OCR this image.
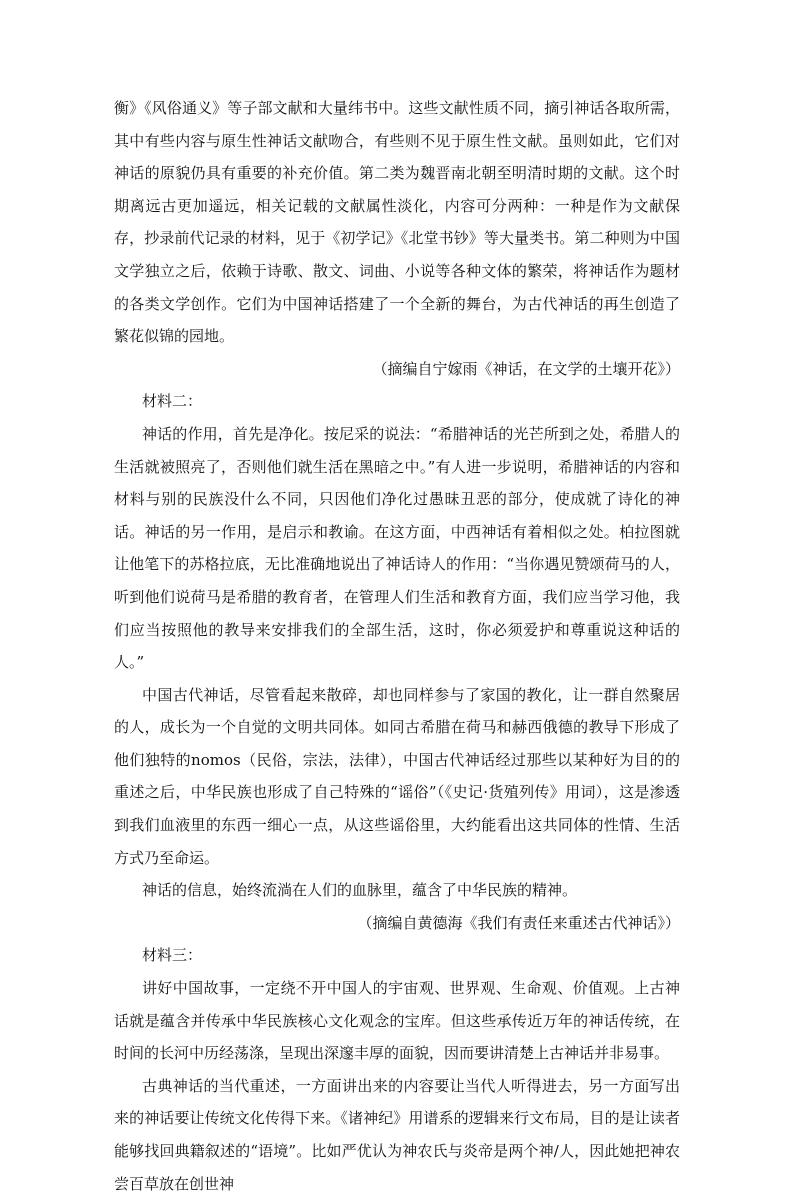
衡》《风俗通义》等子部文献和大量纬书中。这些文献性质不同，摘引神话各取所需，其中有些内容与原生性神话文献吻合，有些则不见于原生性文献。虽则如此，它们对神话的原貌仍具有重要的补充价值。第二类为魏晋南北朝至明清时期的文献。这个时期离远古更加遥远，相关记载的文献属性淡化，内容可分两种：一种是作为文献保存，抄录前代记录的材料，见于《初学记》《北堂书钞》等大量类书。第二种则为中国文学独立之后，依赖于诗歌、散文、词曲、小说等各种文体的繁荣，将神话作为题材的各类文学创作。它们为中国神话搭建了一个全新的舞台，为古代神话的再生创造了繁花似锦的园地。

（摘编自宁嫁雨《神话，在文学的土壤开花》）

材料二：

神话的作用，首先是净化。按尼采的说法：“希腊神话的光芒所到之处，希腊人的生活就被照亮了，否则他们就生活在黑暗之中。”有人进一步说明，希腊神话的内容和材料与别的民族没什么不同，只因他们净化过愚昧丑恶的部分，使成就了诗化的神话。神话的另一作用，是启示和教谕。在这方面，中西神话有着相似之处。柏拉图就让他笔下的苏格拉底，无比准确地说出了神话诗人的作用：“当你遇见赞颂荷马的人，听到他们说荷马是希腊的教育者，在管理人们生活和教育方面，我们应当学习他，我们应当按照他的教导来安排我们的全部生活，这时，你必须爱护和尊重说这种话的人。”

中国古代神话，尽管看起来散碎，却也同样参与了家国的教化，让一群自然聚居的人，成长为一个自觉的文明共同体。如同古希腊在荷马和赫西俄德的教导下形成了他们独特的nomos（民俗，宗法，法律），中国古代神话经过那些以某种好为目的的重述之后，中华民族也形成了自己特殊的“谣俗”（《史记·货殖列传》用词），这是渗透到我们血液里的东西一细心一点，从这些谣俗里，大约能看出这共同体的性情、生活方式乃至命运。

神话的信息，始终流淌在人们的血脉里，蕴含了中华民族的精神。

（摘编自黄德海《我们有责任来重述古代神话》）

材料三：

讲好中国故事，一定绕不开中国人的宇宙观、世界观、生命观、价值观。上古神话就是蕴含并传承中华民族核心文化观念的宝库。但这些承传近万年的神话传统，在时间的长河中历经荡涤，呈现出深邃丰厚的面貌，因而要讲清楚上古神话并非易事。

古典神话的当代重述，一方面讲出来的内容要让当代人听得进去，另一方面写出来的神话要让传统文化传得下来。《诸神纪》用谱系的逻辑来行文布局，目的是让读者能够找回典籍叙述的“语境”。比如严优认为神农氏与炎帝是两个神/人，因此她把神农尝百草放在创世神
